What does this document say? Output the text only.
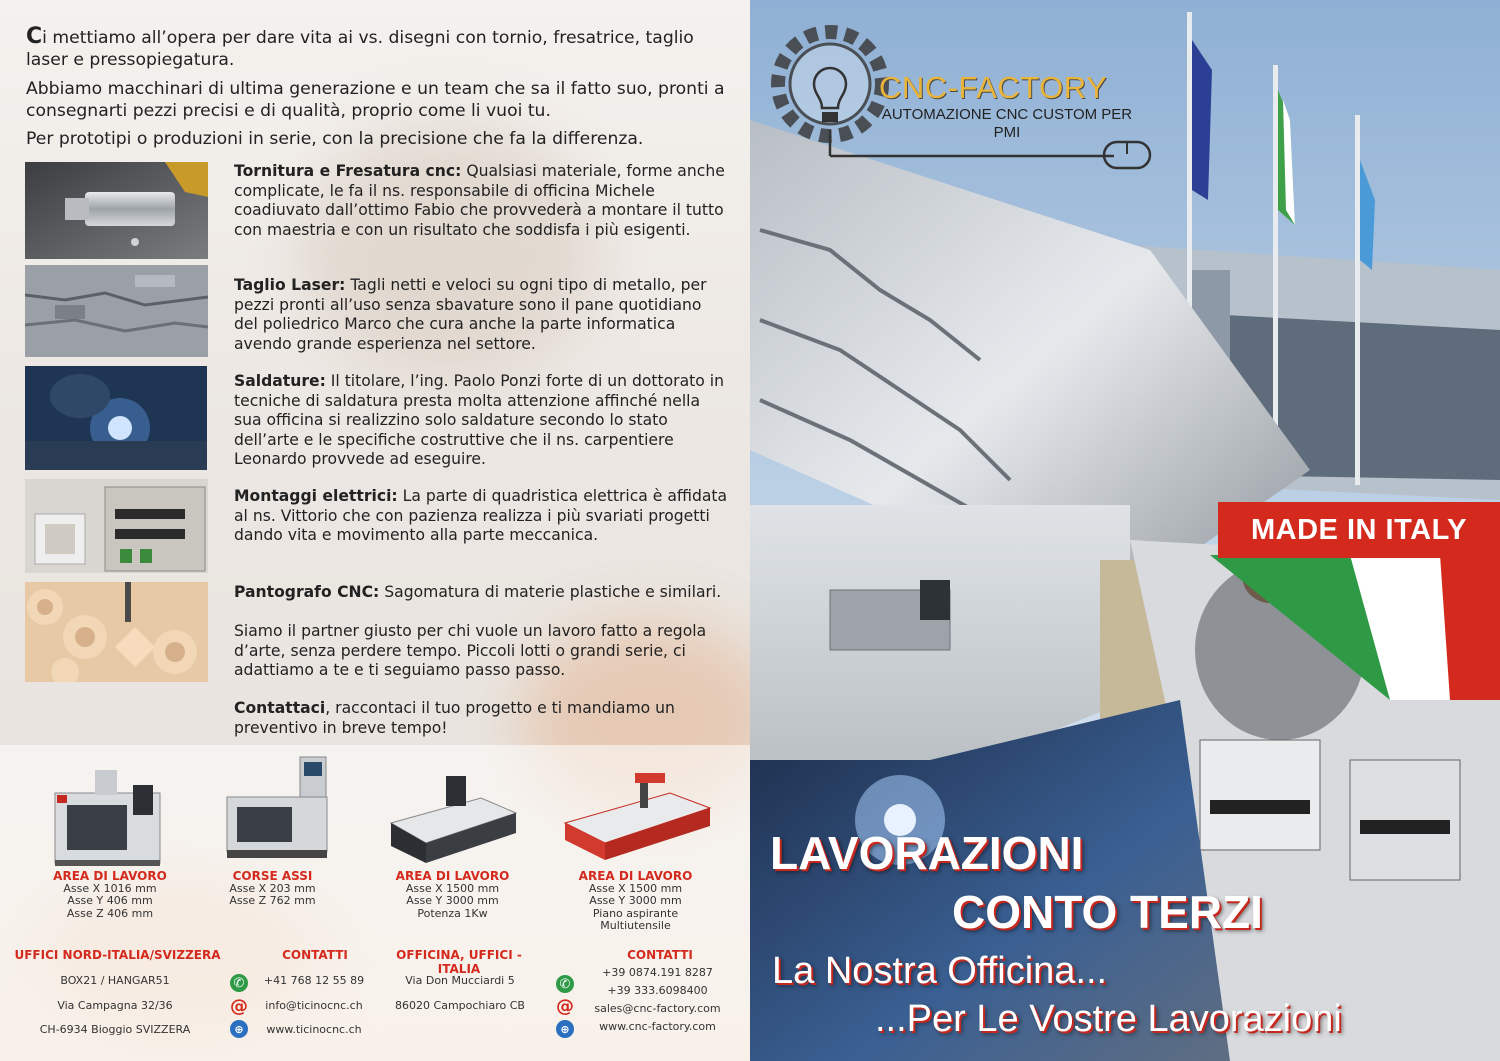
Ci mettiamo all’opera per dare vita ai vs. disegni con tornio, fresatrice, taglio laser e pressopiegatura.

Abbiamo macchinari di ultima generazione e un team che sa il fatto suo, pronti a consegnarti pezzi precisi e di qualità, proprio come li vuoi tu.

Per prototipi o produzioni in serie, con la precisione che fa la differenza.

Tornitura e Fresatura cnc: Qualsiasi materiale, forme anche complicate, le fa il ns. responsabile di officina Michele coadiuvato dall’ottimo Fabio che provvederà a montare il tutto con maestria e con un risultato che soddisfa i più esigenti.
Taglio Laser: Tagli netti e veloci su ogni tipo di metallo, per pezzi pronti all’uso senza sbavature sono il pane quotidiano del poliedrico Marco che cura anche la parte informatica avendo grande esperienza nel settore.
Saldature: Il titolare, l’ing. Paolo Ponzi forte di un dottorato in tecniche di saldatura presta molta attenzione affinché nella sua officina si realizzino solo saldature secondo lo stato dell’arte e le specifiche costruttive che il ns. carpentiere Leonardo provvede ad eseguire.
Montaggi elettrici: La parte di quadristica elettrica è affidata al ns. Vittorio che con pazienza realizza i più svariati progetti dando vita e movimento alla parte meccanica.
Pantografo CNC: Sagomatura di materie plastiche e similari.
Siamo il partner giusto per chi vuole un lavoro fatto a regola d’arte, senza perdere tempo. Piccoli lotti o grandi serie, ci adattiamo a te e ti seguiamo passo passo.
Contattaci, raccontaci il tuo progetto e ti mandiamo un preventivo in breve tempo!
AREA DI LAVORO
Asse X 1016 mm
Asse Y 406 mm
Asse Z 406 mm
CORSE ASSI
Asse X 203 mm
Asse Z 762 mm
AREA DI LAVORO
Asse X 1500 mm
Asse Y 3000 mm
Potenza 1Kw
AREA DI LAVORO
Asse X 1500 mm
Asse Y 3000 mm
Piano aspirante
Multiutensile
UFFICI NORD-ITALIA/SVIZZERA
BOX21 / HANGAR51
Via Campagna 32/36
CH-6934 Bioggio SVIZZERA
CONTATTI
✆
@
⊕
+41 768 12 55 89
info@ticinocnc.ch
www.ticinocnc.ch
OFFICINA, UFFICI - ITALIA
Via Don Mucciardi 5
86020 Campochiaro CB
CONTATTI
✆
@
⊕
+39 0874.191 8287
+39 333.6098400
sales@cnc-factory.com
www.cnc-factory.com
CNC-FACTORY
AUTOMAZIONE CNC CUSTOM PER PMI
MADE IN ITALY
LAVORAZIONI
CONTO TERZI
La Nostra Officina...
...Per Le Vostre Lavorazioni
